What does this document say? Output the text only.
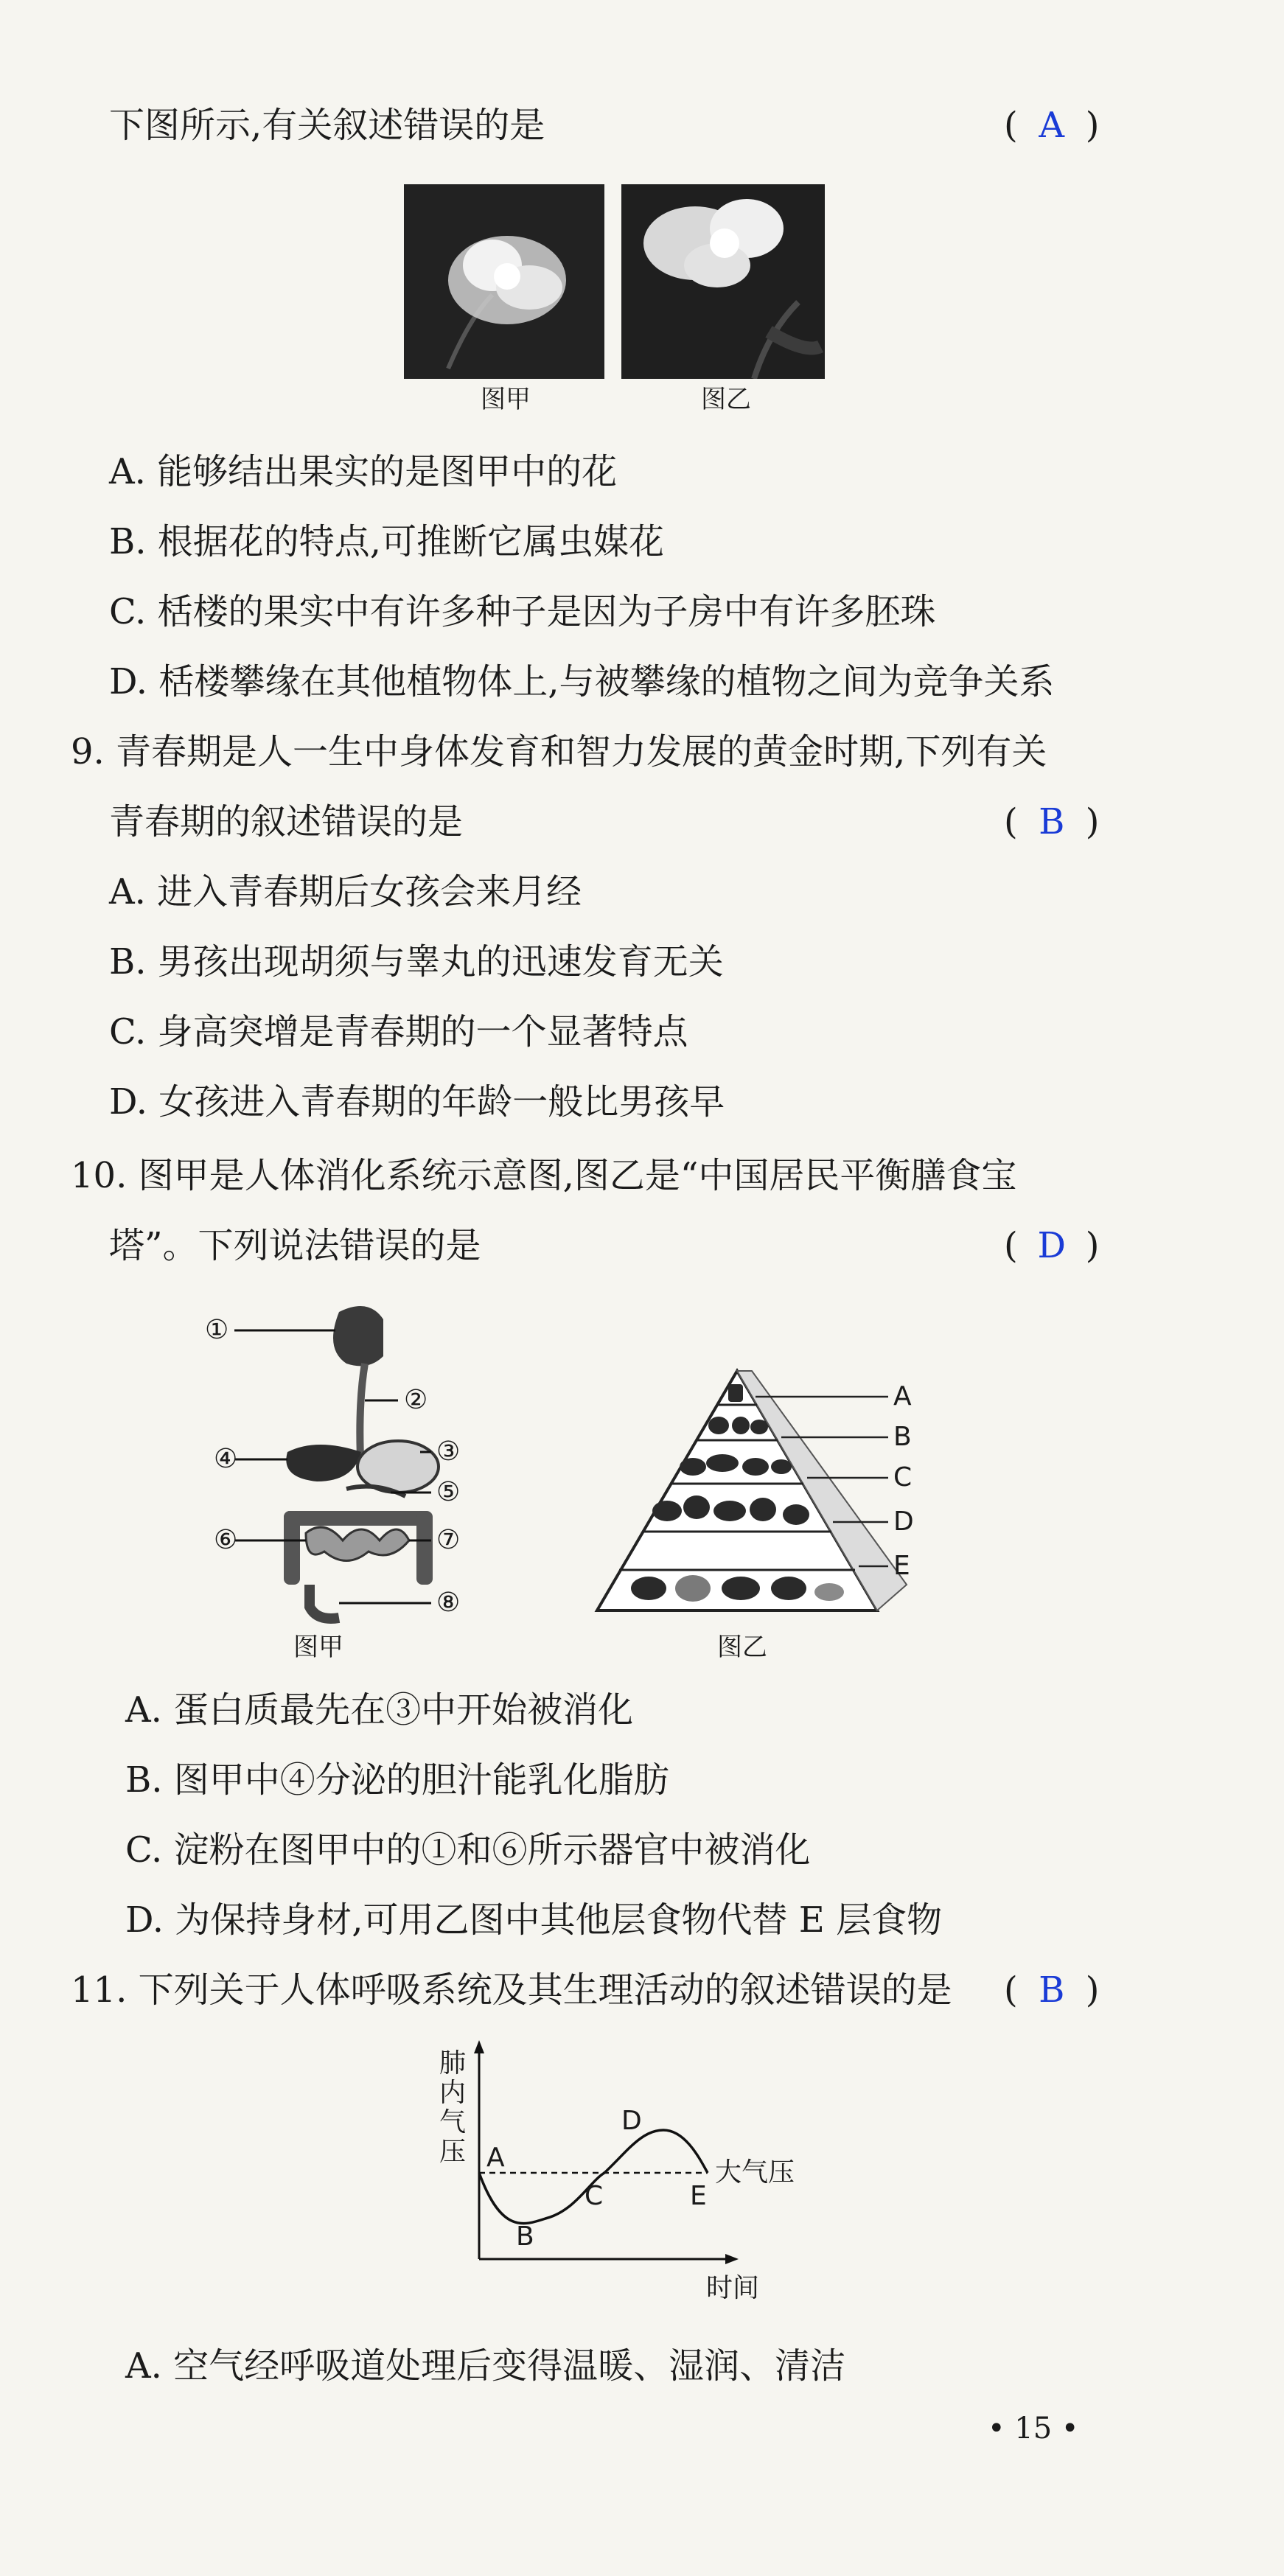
下图所示,有关叙述错误的是	( A )
图甲	图乙
A. 能够结出果实的是图甲中的花
B. 根据花的特点,可推断它属虫媒花
C. 栝楼的果实中有许多种子是因为子房中有许多胚珠
D. 栝楼攀缘在其他植物体上,与被攀缘的植物之间为竞争关系
9. 青春期是人一生中身体发育和智力发展的黄金时期,下列有关
青春期的叙述错误的是	( B )
A. 进入青春期后女孩会来月经
B. 男孩出现胡须与睾丸的迅速发育无关
C. 身高突增是青春期的一个显著特点
D. 女孩进入青春期的年龄一般比男孩早
10. 图甲是人体消化系统示意图,图乙是“中国居民平衡膳食宝
塔”。下列说法错误的是	( D )
①
②
③
④
⑤
⑥	⑦
⑧
图甲
A
B
C
D
E
图乙
A. 蛋白质最先在③中开始被消化
B. 图甲中④分泌的胆汁能乳化脂肪
C. 淀粉在图甲中的①和⑥所示器官中被消化
D. 为保持身材,可用乙图中其他层食物代替 E 层食物
11. 下列关于人体呼吸系统及其生理活动的叙述错误的是 ( B )
肺
内
气
压 A
B
C
D
E
大气压
时间
A. 空气经呼吸道处理后变得温暖、湿润、清洁
• 15 •
